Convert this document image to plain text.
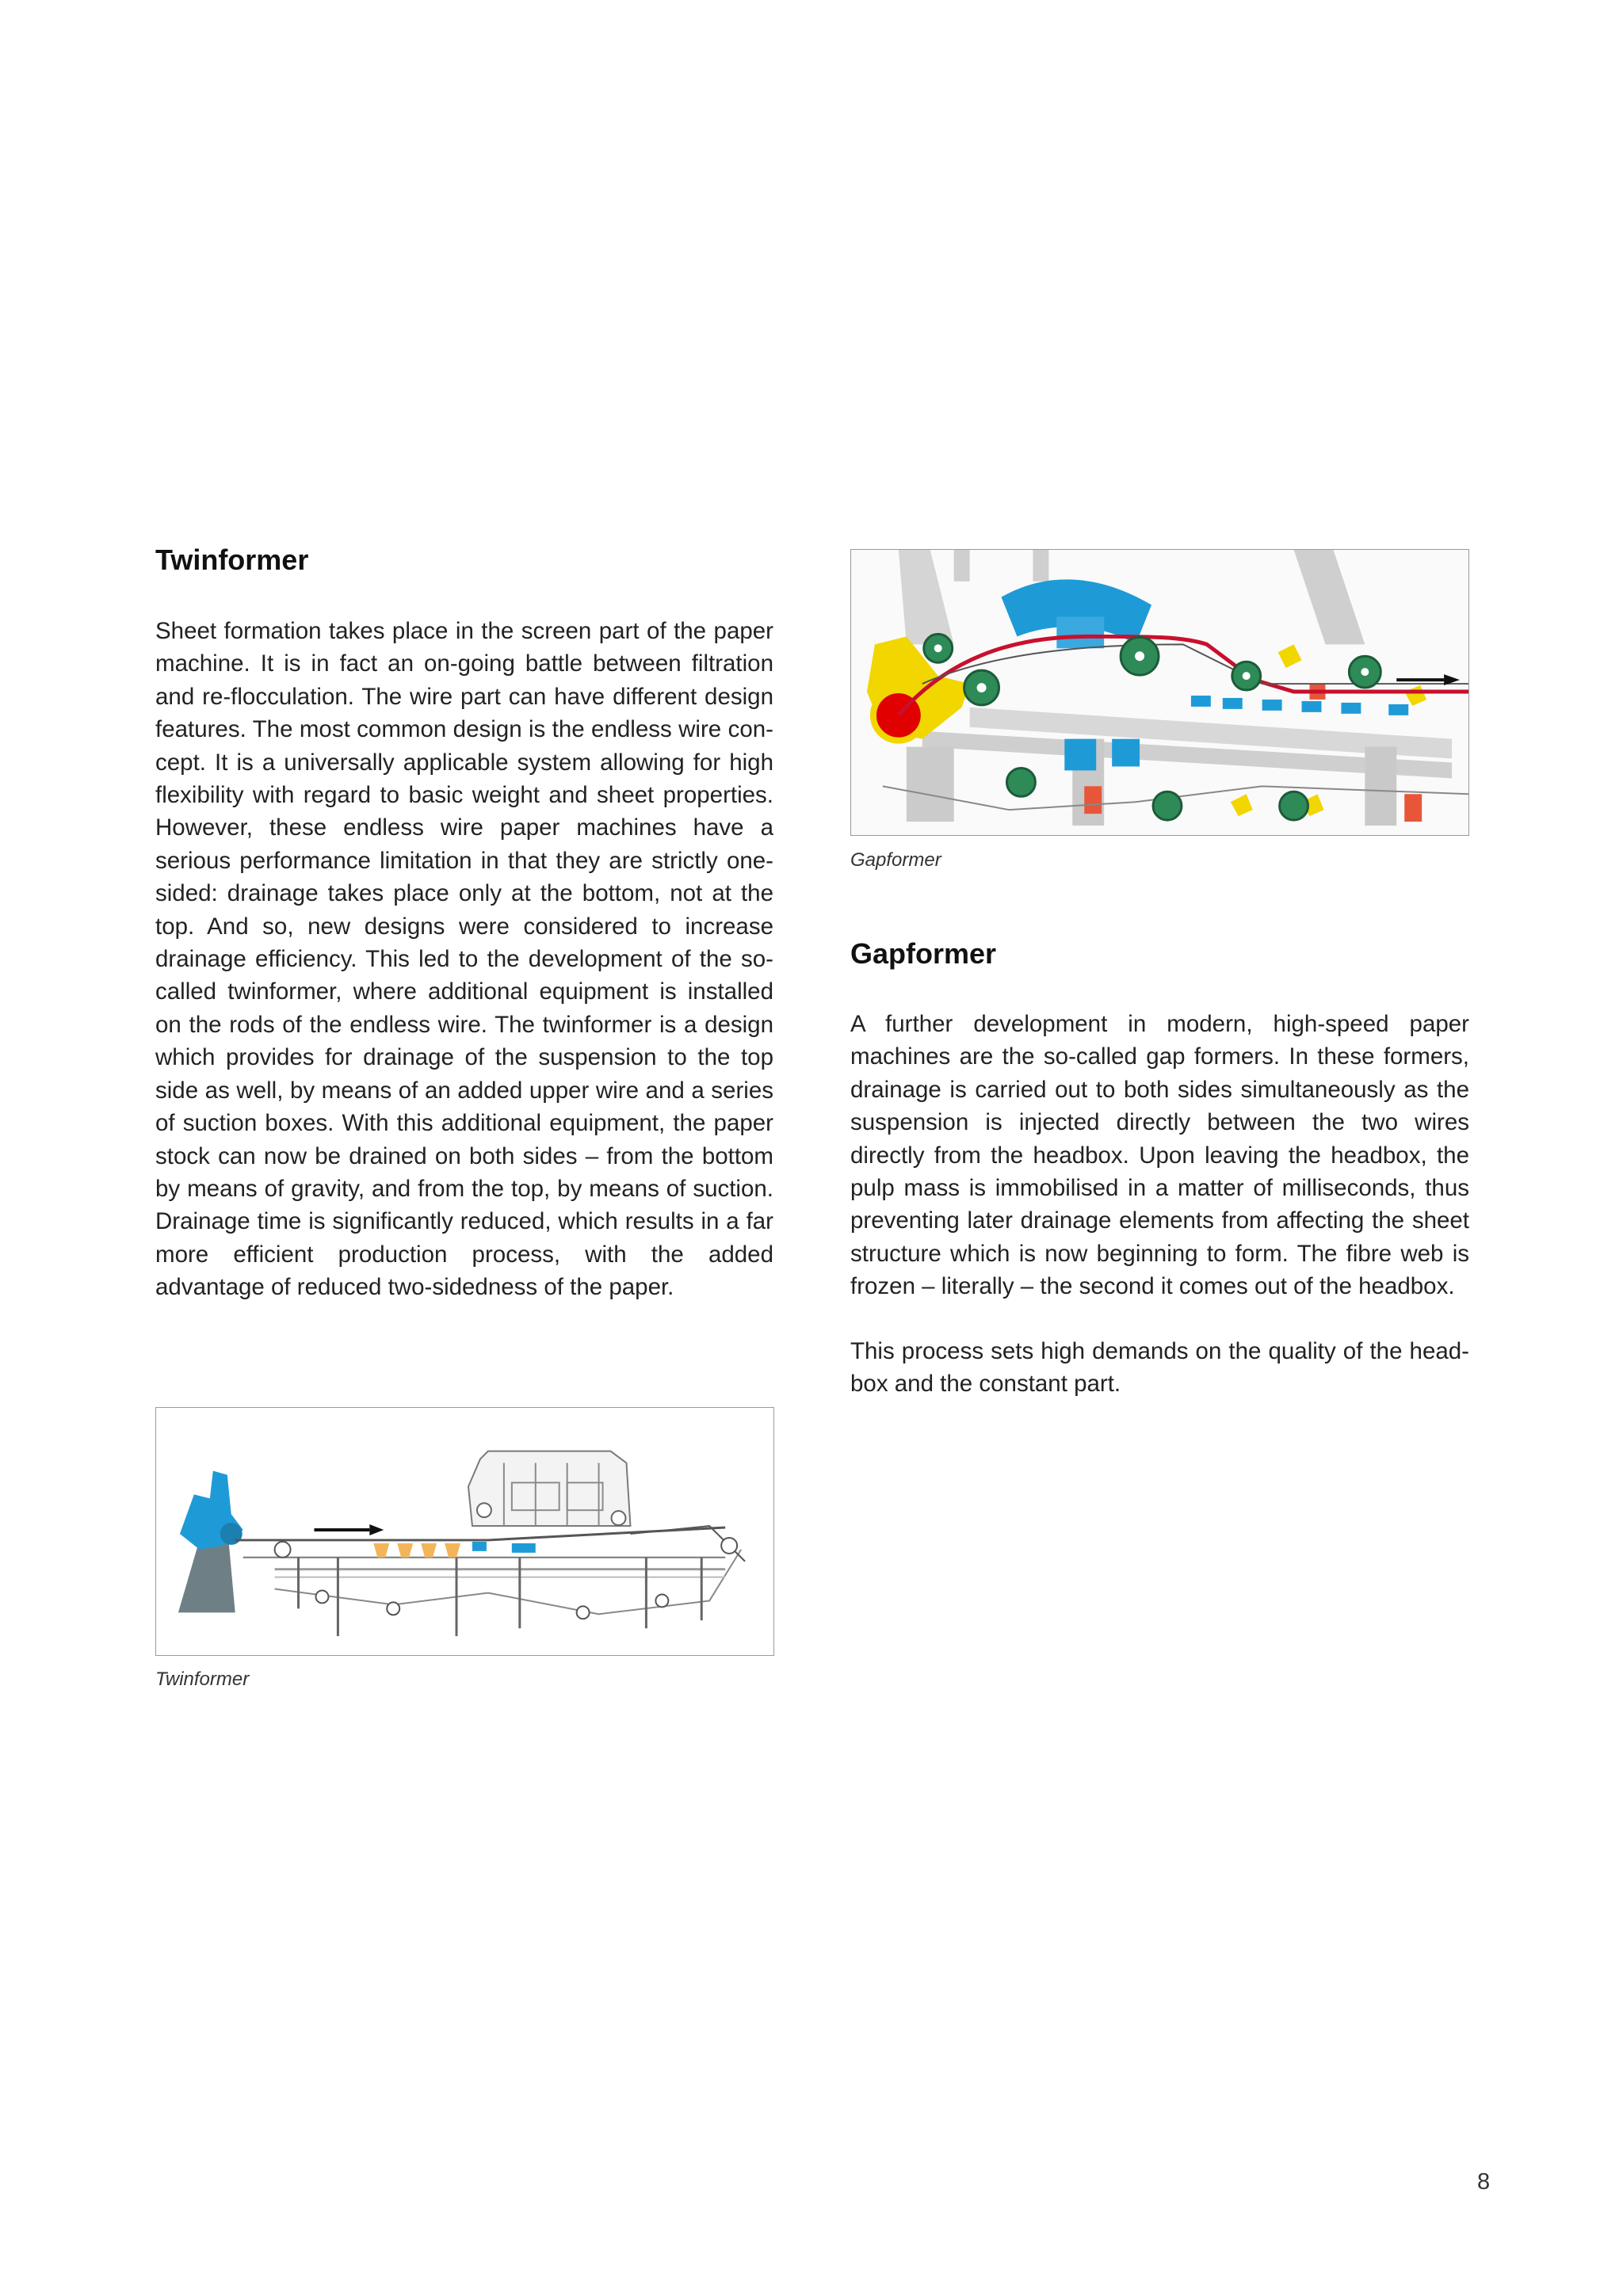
Twinformer

Sheet formation takes place in the screen part of the paper machine. It is in fact an on-going battle between filtration and re-flocculation. The wire part can have different design features. The most common design is the endless wire concept. It is a universally applicable system allowing for high flexibility with regard to basic weight and sheet properties. However, these endless wire paper machines have a serious performance limitation in that they are strictly onesided: drainage takes place only at the bottom, not at the top. And so, new designs were considered to increase drainage efficiency. This led to the development of the so-called twinformer, where additional equipment is installed on the rods of the endless wire. The twinformer is a design which provides for drainage of the suspension to the top side as well, by means of an added upper wire and a series of suction boxes. With this additional equipment, the paper stock can now be drained on both sides – from the bottom by means of gravity, and from the top, by means of suction. Drainage time is significantly reduced, which results in a far more efficient production process, with the added advantage of reduced two-sidedness of the paper.

Twinformer

Gapformer

Gapformer

A further development in modern, high-speed paper machines are the so-called gap formers. In these formers, drainage is carried out to both sides simultaneously as the suspension is injected directly between the two wires directly from the headbox. Upon leaving the headbox, the pulp mass is immobilised in a matter of milliseconds, thus preventing later drainage elements from affecting the sheet structure which is now beginning to form. The fibre web is frozen – literally – the second it comes out of the headbox.

This process sets high demands on the quality of the headbox and the constant part.

8
